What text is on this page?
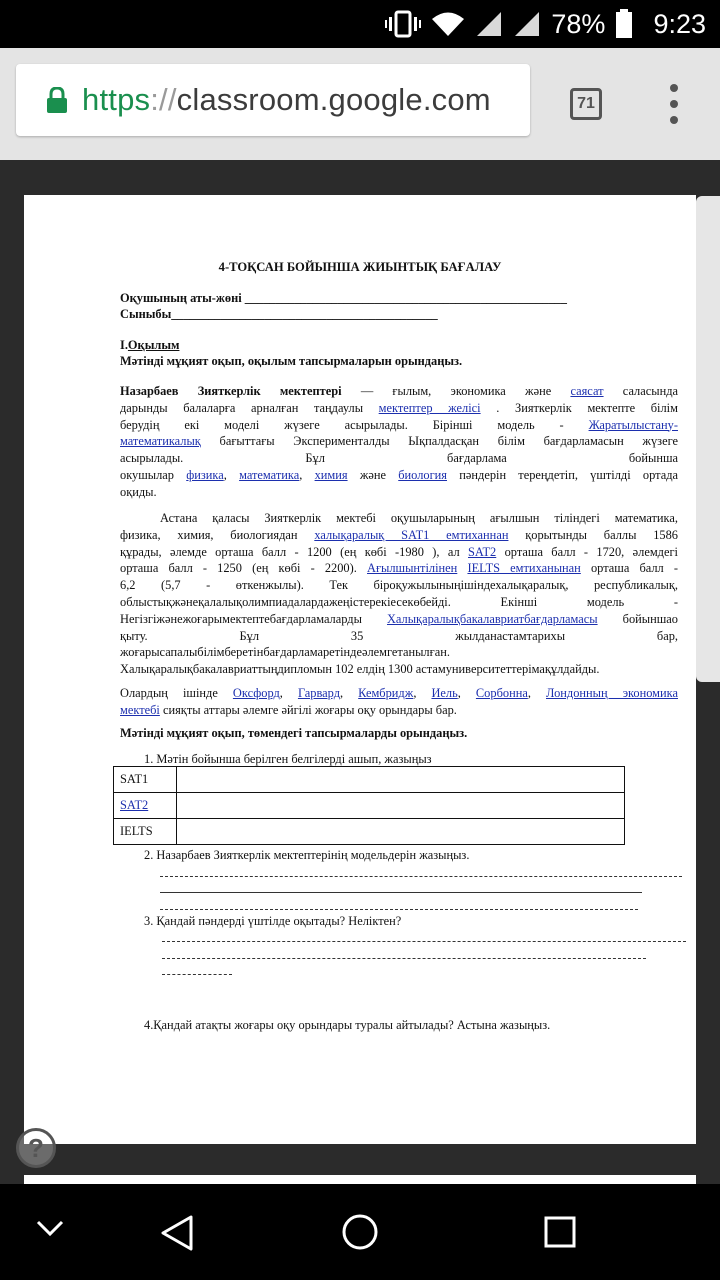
78% 9:23
https://classroom.google.com	71
4-ТОҚСАН БОЙЫНША ЖИЫНТЫҚ БАҒАЛАУ
Оқушының аты-жөні ____________________________________________________
Сыныбы___________________________________________
I.Оқылым
Мәтінді мұқият оқып, оқылым тапсырмаларын орындаңыз.
Назарбаев Зияткерлік мектептері — ғылым, экономика және саясат саласында
дарынды балаларға арналған таңдаулы мектептер желісі . Зияткерлік мектепте білім
берудің екі моделі жүзеге асырылады. Бірінші модель - Жаратылыстану-
математикалық бағыттағы Эксперименталды Ықпалдасқан білім бағдарламасын жүзеге
асырылады. Бұл бағдарлама бойынша
окушылар физика, математика, химия және биология пәндерін тереңдетіп, үштілді ортада
оқиды.
Астана қаласы Зияткерлік мектебі оқушыларының ағылшын тіліндегі математика,
физика, химия, биологиядан халықаралық SAT1 емтиханнан қорытынды баллы 1586
құрады, әлемде орташа балл - 1200 (ең көбі -1980 ), ал SAT2 орташа балл - 1720, әлемдегі
орташа балл - 1250 (ең көбі - 2200). Ағылшынтілінен IELTS емтиханынан орташа балл -
6,2 (5,7 - өткенжылы). Тек бірoқужылыныңішіндехалықаралық, республикалық,
облыстықжәнеқалалықолимпиадалардажеңістерекіесекөбейді. Екінші модель -
Негізгіжәнежоғарымектептебағдарламаларды Халықаралықбакалавриатбағдарламасы бойыншао
қыту. Бұл 35 жылданастамтарихы бар,
жоғарысапалыбілімберетінбағдарламаретіндеәлемгетанылған.
Халықаралықбакалавриаттыңдипломын 102 елдің 1300 астамуниверситеттерімақұлдайды.
Олардың ішінде Оксфорд, Гарвард, Кембридж, Иель, Сорбонна, Лондонның экономика
мектебі сияқты аттары әлемге әйгілі жоғары оқу орындары бар.
Мәтінді мұқият оқып, төмендегі тапсырмаларды орындаңыз.
1. Мәтін бойынша берілген белгілерді ашып, жазыңыз
SAT1	
SAT2	
IELTS	
2. Назарбаев Зияткерлік мектептерінің модельдерін жазыңыз.
3. Қандай пәндерді үштілде оқытады? Неліктен?
4.Қандай атақты жоғары оқу орындары туралы айтылады? Астына жазыңыз.
?
